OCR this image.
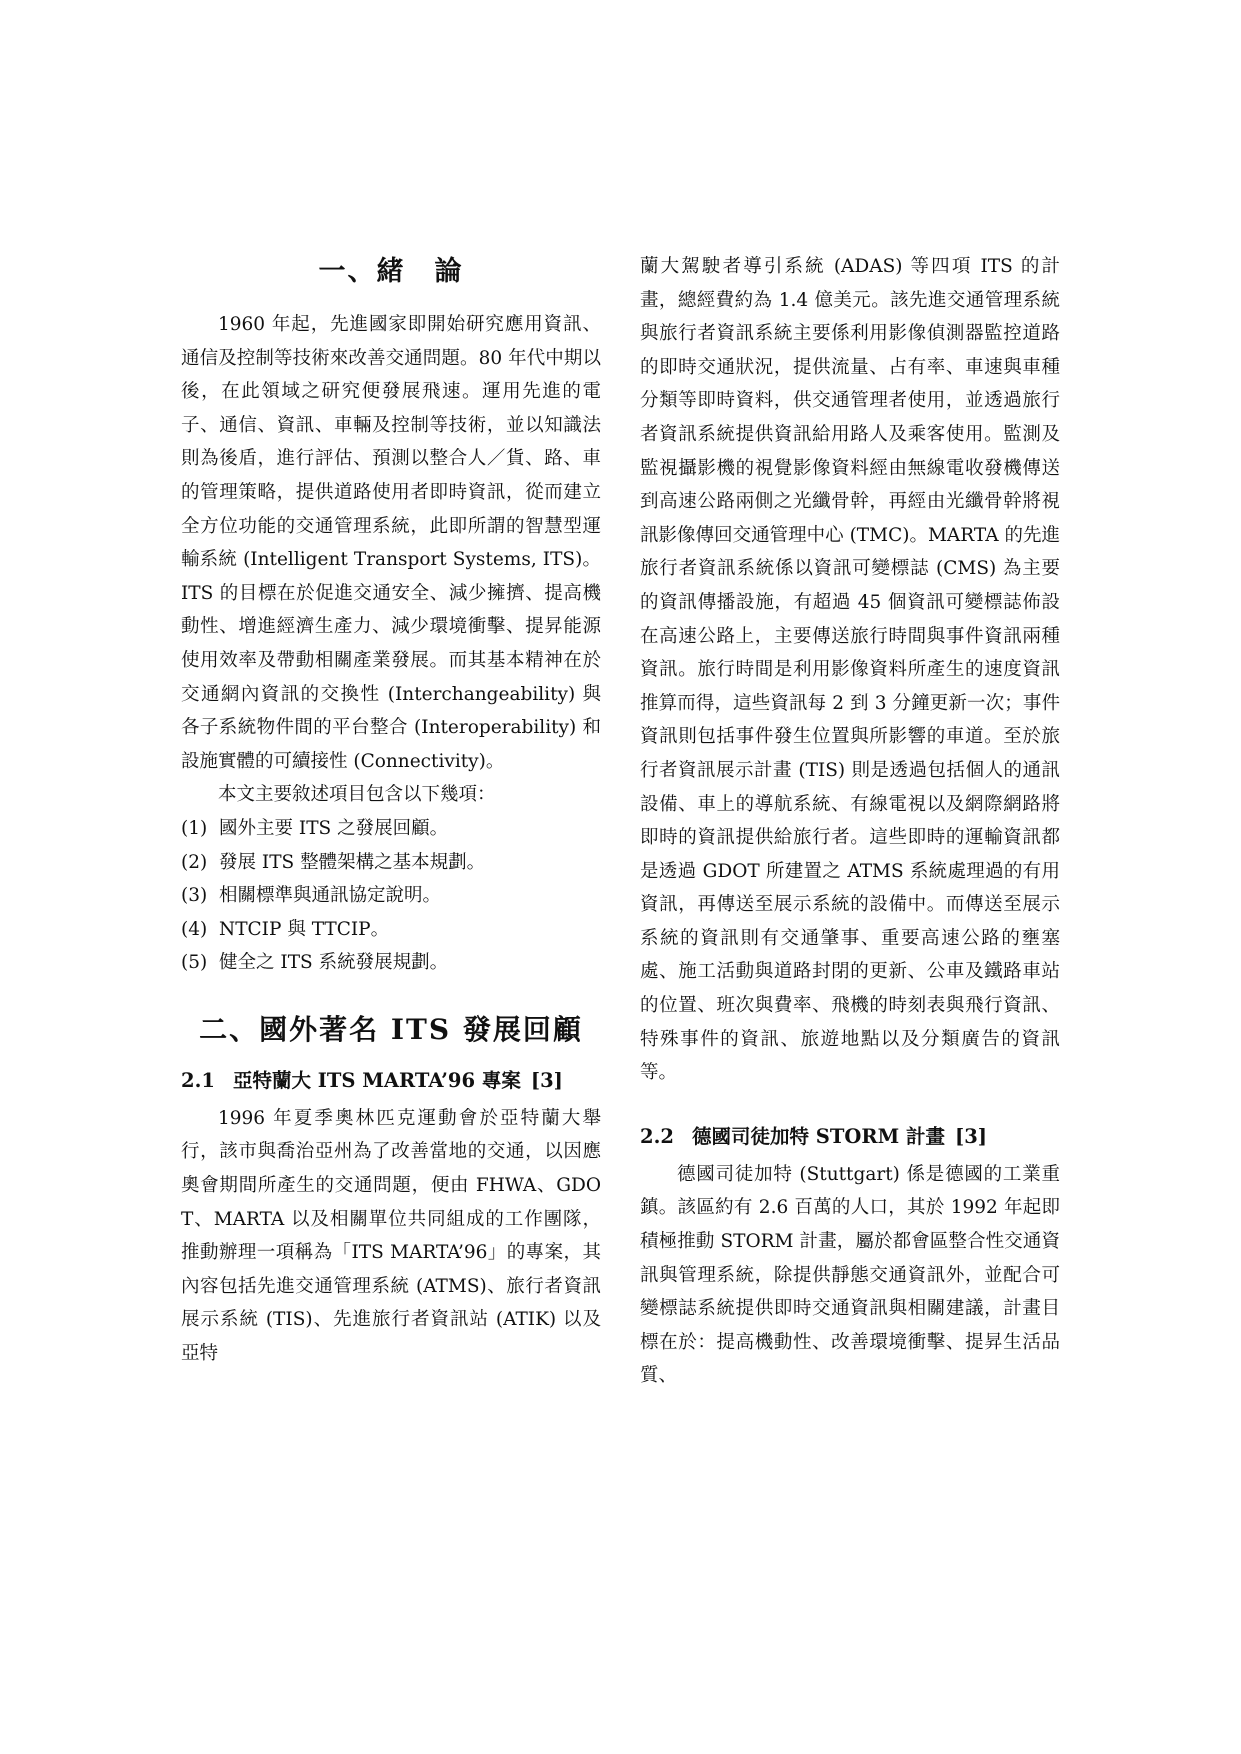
一、緒　論

1960 年起，先進國家即開始研究應用資訊、通信及控制等技術來改善交通問題。80 年代中期以後，在此領域之研究便發展飛速。運用先進的電子、通信、資訊、車輛及控制等技術，並以知識法則為後盾，進行評估、預測以整合人／貨、路、車的管理策略，提供道路使用者即時資訊，從而建立全方位功能的交通管理系統，此即所謂的智慧型運輸系統 (Intelligent Transport Systems, ITS)。ITS 的目標在於促進交通安全、減少擁擠、提高機動性、增進經濟生產力、減少環境衝擊、提昇能源使用效率及帶動相關產業發展。而其基本精神在於交通網內資訊的交換性 (Interchangeability) 與各子系統物件間的平台整合 (Interoperability) 和設施實體的可續接性 (Connectivity)。

本文主要敘述項目包含以下幾項：

(1) 國外主要 ITS 之發展回顧。

(2) 發展 ITS 整體架構之基本規劃。

(3) 相關標準與通訊協定說明。

(4) NTCIP 與 TTCIP。

(5) 健全之 ITS 系統發展規劃。

二、國外著名 ITS 發展回顧
2.1 亞特蘭大 ITS MARTA’96 專案 [3]

1996 年夏季奧林匹克運動會於亞特蘭大舉行，該市與喬治亞州為了改善當地的交通，以因應奧會期間所產生的交通問題，便由 FHWA、GDOT、MARTA 以及相關單位共同組成的工作團隊，推動辦理一項稱為「ITS MARTA’96」的專案，其內容包括先進交通管理系統 (ATMS)、旅行者資訊展示系統 (TIS)、先進旅行者資訊站 (ATIK) 以及亞特

蘭大駕駛者導引系統 (ADAS) 等四項 ITS 的計畫，總經費約為 1.4 億美元。該先進交通管理系統與旅行者資訊系統主要係利用影像偵測器監控道路的即時交通狀況，提供流量、占有率、車速與車種分類等即時資料，供交通管理者使用，並透過旅行者資訊系統提供資訊給用路人及乘客使用。監測及監視攝影機的視覺影像資料經由無線電收發機傳送到高速公路兩側之光纖骨幹，再經由光纖骨幹將視訊影像傳回交通管理中心 (TMC)。MARTA 的先進旅行者資訊系統係以資訊可變標誌 (CMS) 為主要的資訊傳播設施，有超過 45 個資訊可變標誌佈設在高速公路上，主要傳送旅行時間與事件資訊兩種資訊。旅行時間是利用影像資料所產生的速度資訊推算而得，這些資訊每 2 到 3 分鐘更新一次；事件資訊則包括事件發生位置與所影響的車道。至於旅行者資訊展示計畫 (TIS) 則是透過包括個人的通訊設備、車上的導航系統、有線電視以及網際網路將即時的資訊提供給旅行者。這些即時的運輸資訊都是透過 GDOT 所建置之 ATMS 系統處理過的有用資訊，再傳送至展示系統的設備中。而傳送至展示系統的資訊則有交通肇事、重要高速公路的壅塞處、施工活動與道路封閉的更新、公車及鐵路車站的位置、班次與費率、飛機的時刻表與飛行資訊、特殊事件的資訊、旅遊地點以及分類廣告的資訊等。

2.2 德國司徒加特 STORM 計畫 [3]

德國司徒加特 (Stuttgart) 係是德國的工業重鎮。該區約有 2.6 百萬的人口，其於 1992 年起即積極推動 STORM 計畫，屬於都會區整合性交通資訊與管理系統，除提供靜態交通資訊外，並配合可變標誌系統提供即時交通資訊與相關建議，計畫目標在於：提高機動性、改善環境衝擊、提昇生活品質、
